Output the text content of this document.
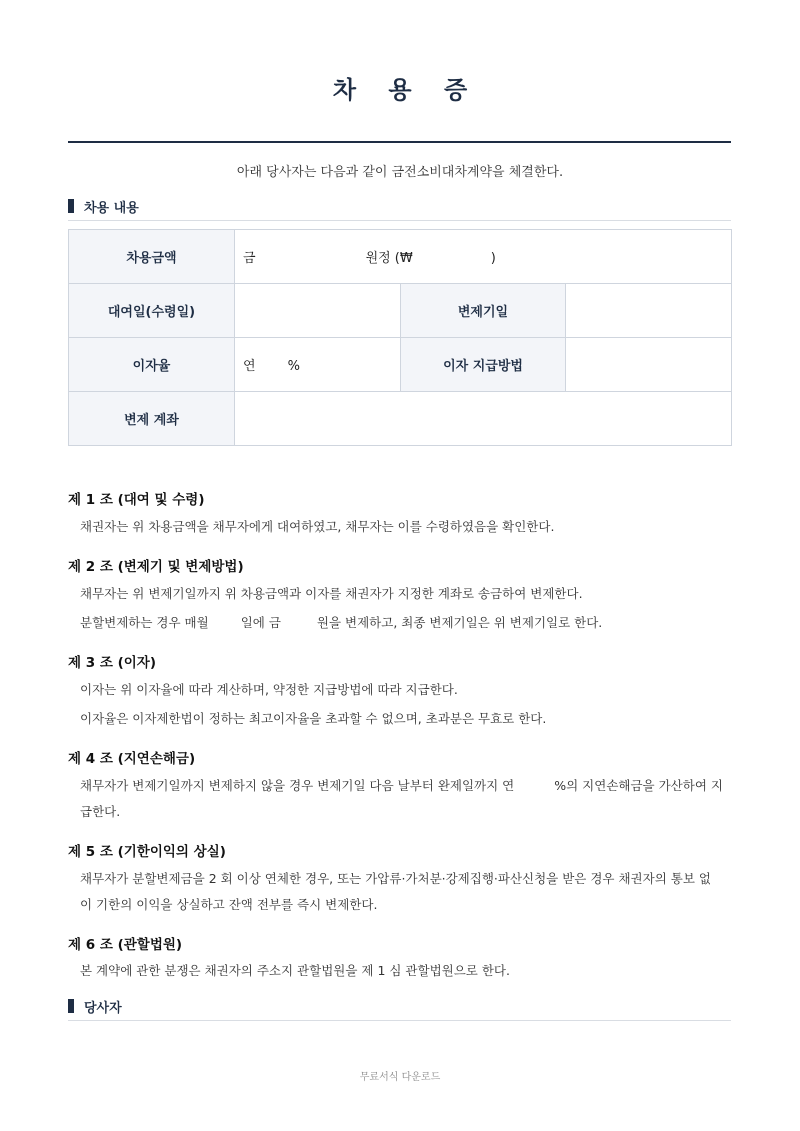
차 용 증
아래 당사자는 다음과 같이 금전소비대차계약을 체결한다.
차용 내용
차용금액	금 원정 (₩ )		
대여일(수령일)		변제기일	
이자율	연 %	이자 지급방법	
변제 계좌			
제 1 조 (대여 및 수령)
채권자는 위 차용금액을 채무자에게 대여하였고, 채무자는 이를 수령하였음을 확인한다.
제 2 조 (변제기 및 변제방법)
채무자는 위 변제기일까지 위 차용금액과 이자를 채권자가 지정한 계좌로 송금하여 변제한다.
분할변제하는 경우 매월	일에 금	원을 변제하고, 최종 변제기일은 위 변제기일로 한다.
제 3 조 (이자)
이자는 위 이자율에 따라 계산하며, 약정한 지급방법에 따라 지급한다.
이자율은 이자제한법이 정하는 최고이자율을 초과할 수 없으며, 초과분은 무효로 한다.
제 4 조 (지연손해금)
채무자가 변제기일까지 변제하지 않을 경우 변제기일 다음 날부터 완제일까지 연	%의 지연손해금을 가산하여 지
급한다.
제 5 조 (기한이익의 상실)
채무자가 분할변제금을 2 회 이상 연체한 경우, 또는 가압류·가처분·강제집행·파산신청을 받은 경우 채권자의 통보 없
이 기한의 이익을 상실하고 잔액 전부를 즉시 변제한다.
제 6 조 (관할법원)
본 계약에 관한 분쟁은 채권자의 주소지 관할법원을 제 1 심 관할법원으로 한다.
당사자
무료서식 다운로드
